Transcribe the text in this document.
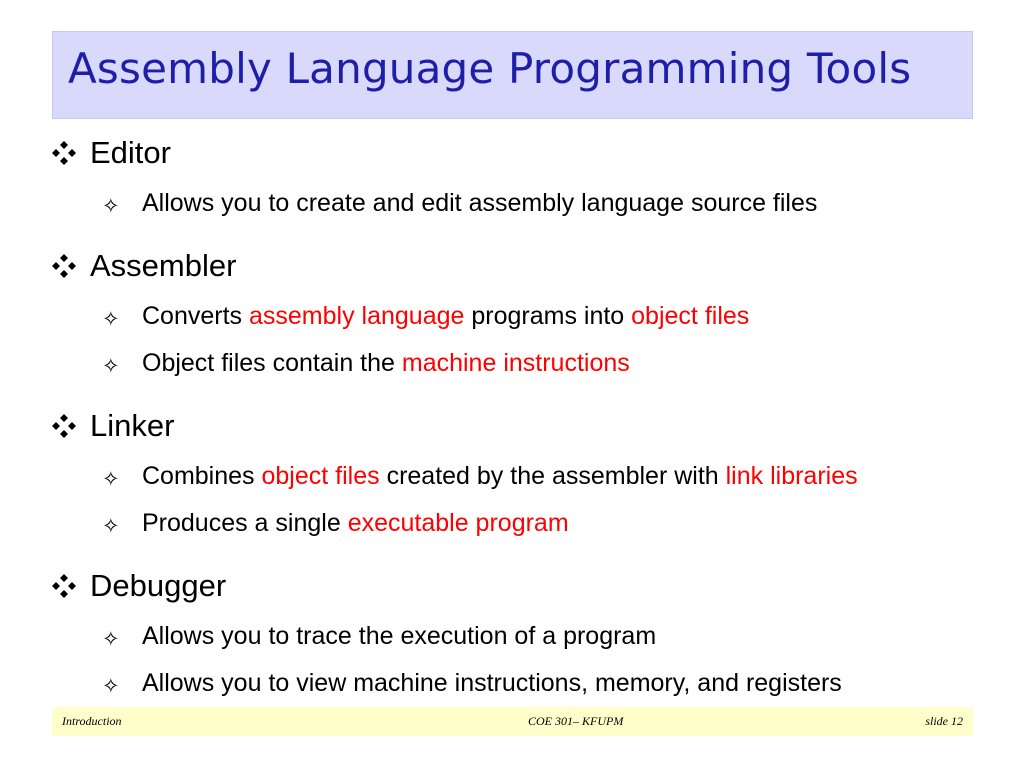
Assembly Language Programming Tools
Editor
✧ Allows you to create and edit assembly language source files
Assembler
✧ Converts assembly language programs into object files
✧ Object files contain the machine instructions
Linker
✧ Combines object files created by the assembler with link libraries
✧ Produces a single executable program
Debugger
✧ Allows you to trace the execution of a program
✧ Allows you to view machine instructions, memory, and registers
Introduction	COE 301– KFUPM	slide 12
